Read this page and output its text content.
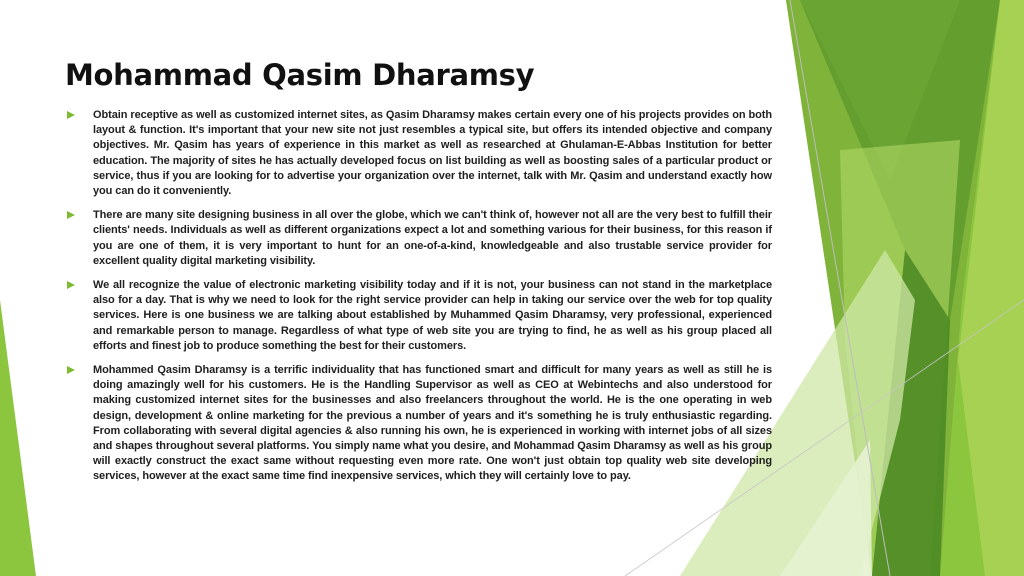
Mohammad Qasim Dharamsy
Obtain receptive as well as customized internet sites, as Qasim Dharamsy makes certain every one of his projects provides on both layout & function. It's important that your new site not just resembles a typical site, but offers its intended objective and company objectives. Mr. Qasim has years of experience in this market as well as researched at Ghulaman-E-Abbas Institution for better education. The majority of sites he has actually developed focus on list building as well as boosting sales of a particular product or service, thus if you are looking for to advertise your organization over the internet, talk with Mr. Qasim and understand exactly how you can do it conveniently.
There are many site designing business in all over the globe, which we can't think of, however not all are the very best to fulfill their clients' needs. Individuals as well as different organizations expect a lot and something various for their business, for this reason if you are one of them, it is very important to hunt for an one-of-a-kind, knowledgeable and also trustable service provider for excellent quality digital marketing visibility.
We all recognize the value of electronic marketing visibility today and if it is not, your business can not stand in the marketplace also for a day. That is why we need to look for the right service provider can help in taking our service over the web for top quality services. Here is one business we are talking about established by Muhammed Qasim Dharamsy, very professional, experienced and remarkable person to manage. Regardless of what type of web site you are trying to find, he as well as his group placed all efforts and finest job to produce something the best for their customers.
Mohammed Qasim Dharamsy is a terrific individuality that has functioned smart and difficult for many years as well as still he is doing amazingly well for his customers. He is the Handling Supervisor as well as CEO at Webintechs and also understood for making customized internet sites for the businesses and also freelancers throughout the world. He is the one operating in web design, development & online marketing for the previous a number of years and it's something he is truly enthusiastic regarding. From collaborating with several digital agencies & also running his own, he is experienced in working with internet jobs of all sizes and shapes throughout several platforms. You simply name what you desire, and Mohammad Qasim Dharamsy as well as his group will exactly construct the exact same without requesting even more rate. One won't just obtain top quality web site developing services, however at the exact same time find inexpensive services, which they will certainly love to pay.
